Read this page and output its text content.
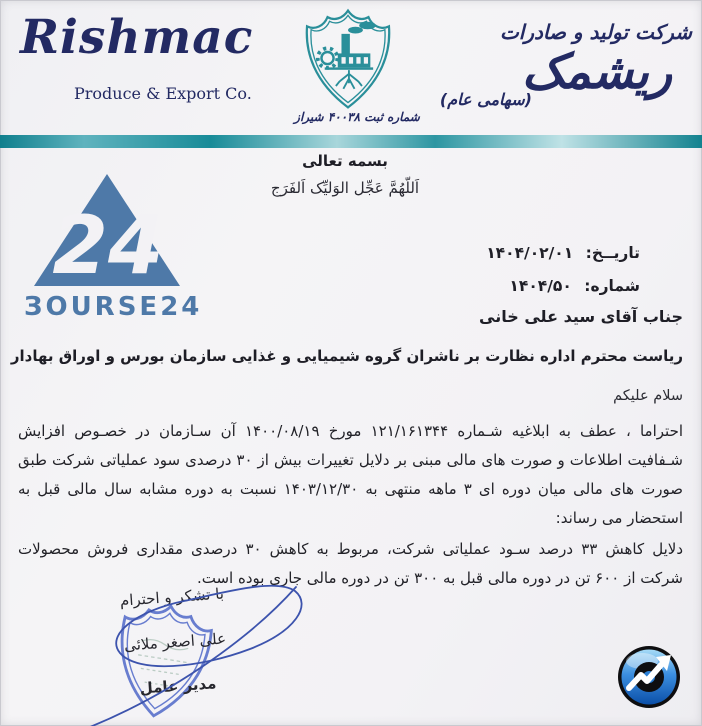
Rishmac
Produce & Export Co.
شماره ثبت ۴۰۰۳۸ شیراز
شرکت تولید و صادرات
ریشمک
(سهامی عام)
بسمه تعالی
اَللّهُمَّ عَجِّل الوَلیِّک اَلفَرَج
24
ЗOURSE24
تاریــخ: ۱۴۰۴/۰۲/۰۱
شماره: ۱۴۰۴/۵۰
جناب آقای سید علی خانی
ریاست محترم اداره نظارت بر ناشران گروه شیمیایی و غذایی سازمان بورس و اوراق بهادار
سلام علیکم

احتراما ، عطف به ابلاغیه شـماره ۱۲۱/۱۶۱۳۴۴ مورخ ۱۴۰۰/۰۸/۱۹ آن سـازمان در خصـوص افزایش شـفافیت اطلاعات و صورت های مالی مبنی بر دلایل تغییرات بیش از ۳۰ درصدی سود عملیاتی شرکت طبق صورت های مالی میان دوره ای ۳ ماهه منتهی به ۱۴۰۳/۱۲/۳۰ نسبت به دوره مشابه سال مالی قبل به استحضار می رساند:

دلایل کاهش ۳۳ درصد سـود عملیاتی شرکت، مربوط به کاهش ۳۰ درصدی مقداری فروش محصولات شرکت از ۶۰۰ تن در دوره مالی قبل به ۳۰۰ تن در دوره مالی جاری بوده است.

با تشکر و احترام
علی اصغر ملائی
مدیر عامل
